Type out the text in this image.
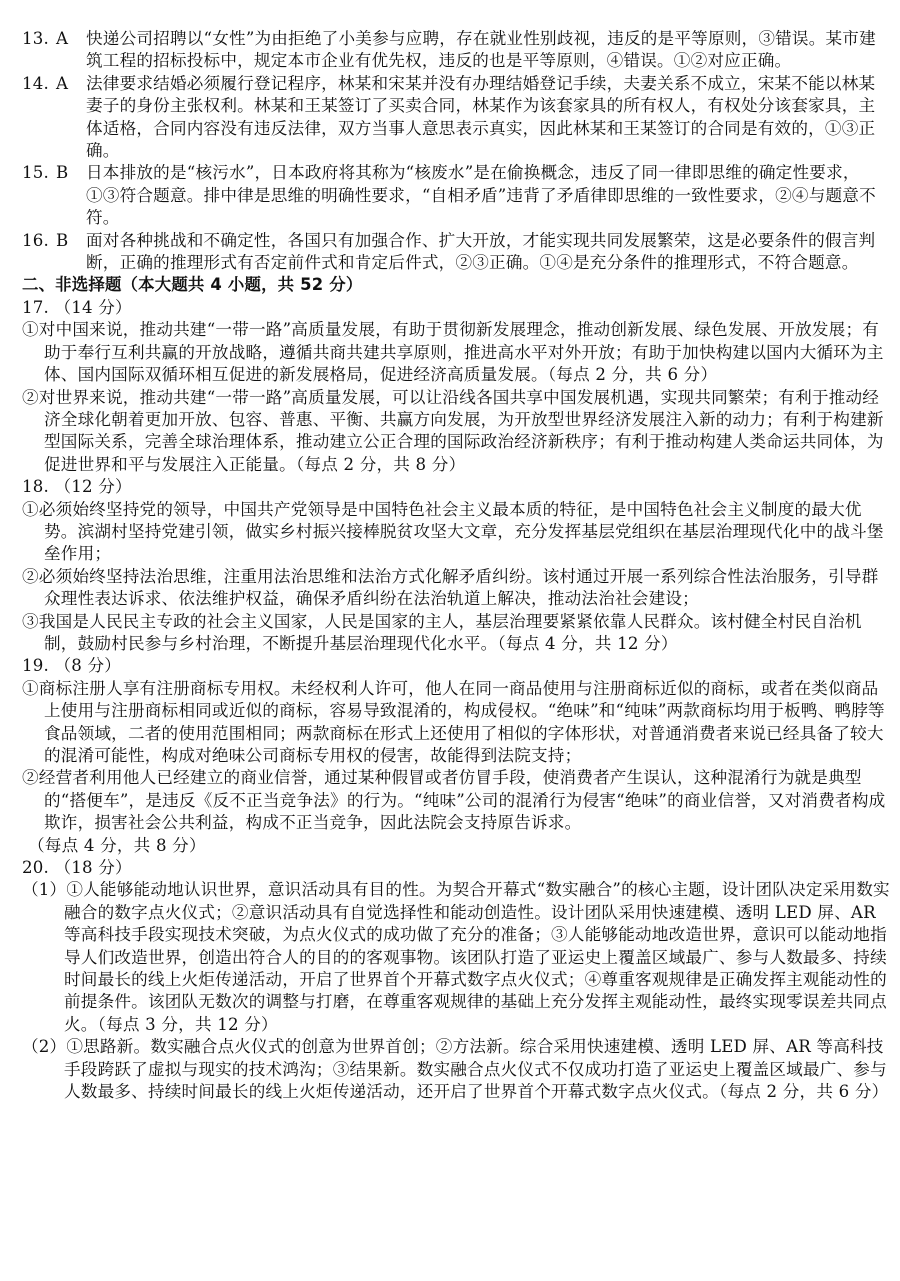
13. A	快递公司招聘以“女性”为由拒绝了小美参与应聘，存在就业性别歧视，违反的是平等原则，③错误。某市建筑工程的招标投标中，规定本市企业有优先权，违反的也是平等原则，④错误。①②对应正确。

14. A	法律要求结婚必须履行登记程序，林某和宋某并没有办理结婚登记手续，夫妻关系不成立，宋某不能以林某妻子的身份主张权利。林某和王某签订了买卖合同，林某作为该套家具的所有权人，有权处分该套家具，主体适格，合同内容没有违反法律，双方当事人意思表示真实，因此林某和王某签订的合同是有效的，①③正确。

15. B	日本排放的是“核污水”，日本政府将其称为“核废水”是在偷换概念，违反了同一律即思维的确定性要求，①③符合题意。排中律是思维的明确性要求，“自相矛盾”违背了矛盾律即思维的一致性要求，②④与题意不符。

16. B	面对各种挑战和不确定性，各国只有加强合作、扩大开放，才能实现共同发展繁荣，这是必要条件的假言判断，正确的推理形式有否定前件式和肯定后件式，②③正确。①④是充分条件的推理形式，不符合题意。

二、非选择题（本大题共 4 小题，共 52 分）

17. （14 分）

①对中国来说，推动共建“一带一路”高质量发展，有助于贯彻新发展理念，推动创新发展、绿色发展、开放发展；有助于奉行互利共赢的开放战略，遵循共商共建共享原则，推进高水平对外开放；有助于加快构建以国内大循环为主体、国内国际双循环相互促进的新发展格局，促进经济高质量发展。（每点 2 分，共 6 分）

②对世界来说，推动共建“一带一路”高质量发展，可以让沿线各国共享中国发展机遇，实现共同繁荣；有利于推动经济全球化朝着更加开放、包容、普惠、平衡、共赢方向发展，为开放型世界经济发展注入新的动力；有利于构建新型国际关系，完善全球治理体系，推动建立公正合理的国际政治经济新秩序；有利于推动构建人类命运共同体，为促进世界和平与发展注入正能量。（每点 2 分，共 8 分）

18. （12 分）

①必须始终坚持党的领导，中国共产党领导是中国特色社会主义最本质的特征，是中国特色社会主义制度的最大优势。滨湖村坚持党建引领，做实乡村振兴接棒脱贫攻坚大文章，充分发挥基层党组织在基层治理现代化中的战斗堡垒作用；

②必须始终坚持法治思维，注重用法治思维和法治方式化解矛盾纠纷。该村通过开展一系列综合性法治服务，引导群众理性表达诉求、依法维护权益，确保矛盾纠纷在法治轨道上解决，推动法治社会建设；

③我国是人民民主专政的社会主义国家，人民是国家的主人，基层治理要紧紧依靠人民群众。该村健全村民自治机制，鼓励村民参与乡村治理，不断提升基层治理现代化水平。（每点 4 分，共 12 分）

19. （8 分）

①商标注册人享有注册商标专用权。未经权利人许可，他人在同一商品使用与注册商标近似的商标，或者在类似商品上使用与注册商标相同或近似的商标，容易导致混淆的，构成侵权。“绝味”和“纯味”两款商标均用于板鸭、鸭脖等食品领域，二者的使用范围相同；两款商标在形式上还使用了相似的字体形状，对普通消费者来说已经具备了较大的混淆可能性，构成对绝味公司商标专用权的侵害，故能得到法院支持；

②经营者利用他人已经建立的商业信誉，通过某种假冒或者仿冒手段，使消费者产生误认，这种混淆行为就是典型的“搭便车”，是违反《反不正当竞争法》的行为。“纯味”公司的混淆行为侵害“绝味”的商业信誉，又对消费者构成欺诈，损害社会公共利益，构成不正当竞争，因此法院会支持原告诉求。

（每点 4 分，共 8 分）

20. （18 分）

（1）①人能够能动地认识世界，意识活动具有目的性。为契合开幕式“数实融合”的核心主题，设计团队决定采用数实融合的数字点火仪式；②意识活动具有自觉选择性和能动创造性。设计团队采用快速建模、透明 LED 屏、AR 等高科技手段实现技术突破，为点火仪式的成功做了充分的准备；③人能够能动地改造世界，意识可以能动地指导人们改造世界，创造出符合人的目的的客观事物。该团队打造了亚运史上覆盖区域最广、参与人数最多、持续时间最长的线上火炬传递活动，开启了世界首个开幕式数字点火仪式；④尊重客观规律是正确发挥主观能动性的前提条件。该团队无数次的调整与打磨，在尊重客观规律的基础上充分发挥主观能动性，最终实现零误差共同点火。（每点 3 分，共 12 分）

（2）①思路新。数实融合点火仪式的创意为世界首创；②方法新。综合采用快速建模、透明 LED 屏、AR 等高科技手段跨跃了虚拟与现实的技术鸿沟；③结果新。数实融合点火仪式不仅成功打造了亚运史上覆盖区域最广、参与人数最多、持续时间最长的线上火炬传递活动，还开启了世界首个开幕式数字点火仪式。（每点 2 分，共 6 分）
